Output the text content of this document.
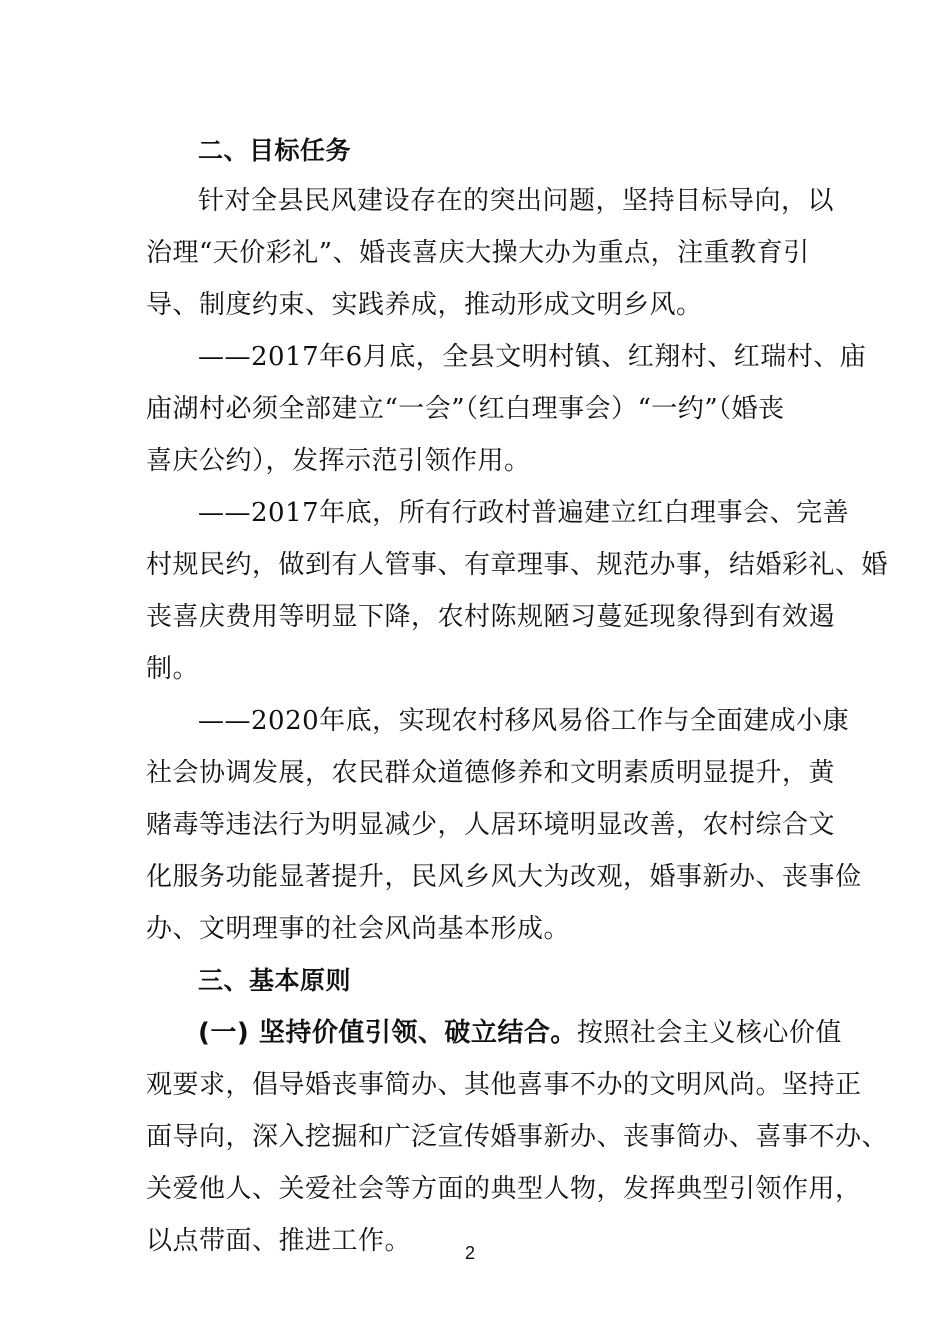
二、目标任务
针对全县民风建设存在的突出问题，坚持目标导向，以
治理“天价彩礼”、婚丧喜庆大操大办为重点，注重教育引
导、制度约束、实践养成，推动形成文明乡风。
——2017年6月底，全县文明村镇、红翔村、红瑞村、庙
庙湖村必须全部建立“一会”（红白理事会）“一约”（婚丧
喜庆公约），发挥示范引领作用。
——2017年底，所有行政村普遍建立红白理事会、完善
村规民约，做到有人管事、有章理事、规范办事，结婚彩礼、婚
丧喜庆费用等明显下降，农村陈规陋习蔓延现象得到有效遏
制。
——2020年底，实现农村移风易俗工作与全面建成小康
社会协调发展，农民群众道德修养和文明素质明显提升，黄
赌毒等违法行为明显减少，人居环境明显改善，农村综合文
化服务功能显著提升，民风乡风大为改观，婚事新办、丧事俭
办、文明理事的社会风尚基本形成。
三、基本原则
(一) 坚持价值引领、破立结合。按照社会主义核心价值
观要求，倡导婚丧事简办、其他喜事不办的文明风尚。坚持正
面导向，深入挖掘和广泛宣传婚事新办、丧事简办、喜事不办、
关爱他人、关爱社会等方面的典型人物，发挥典型引领作用，
以点带面、推进工作。	2
